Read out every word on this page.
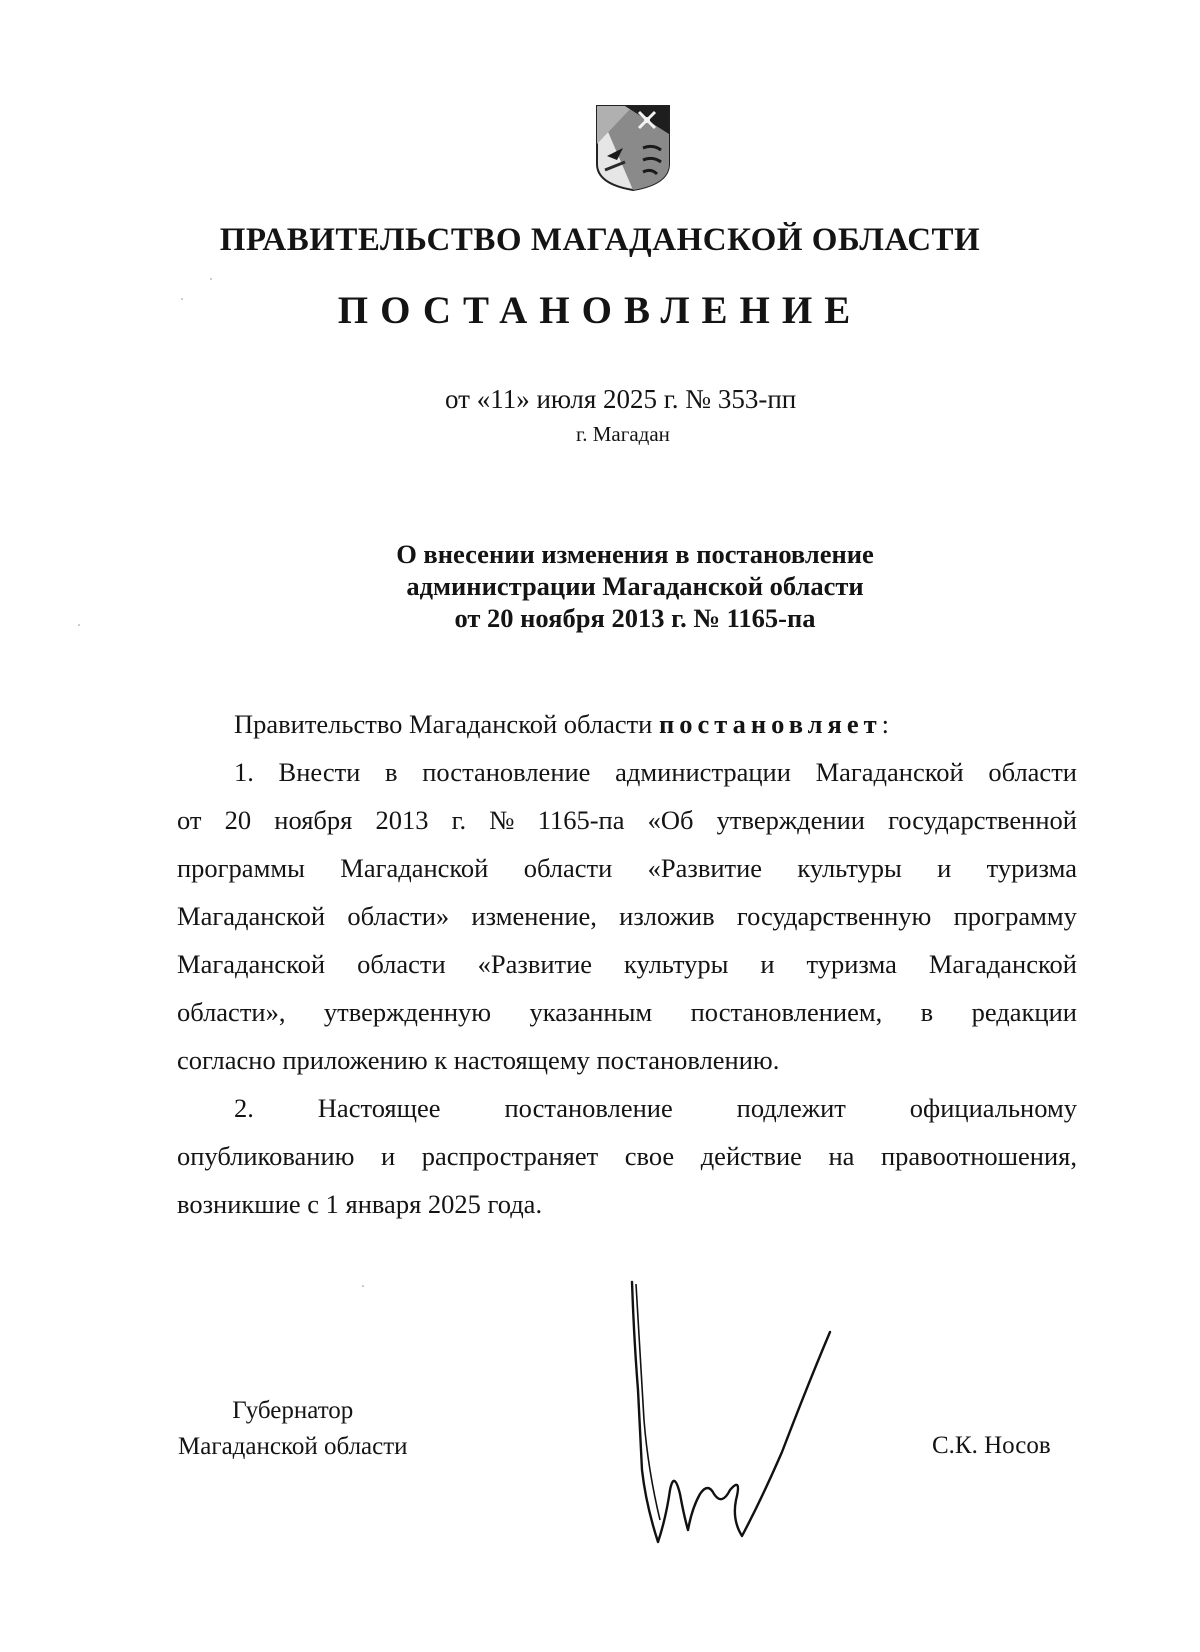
ПРАВИТЕЛЬСТВО МАГАДАНСКОЙ ОБЛАСТИ
ПОСТАНОВЛЕНИЕ
от «11» июля 2025 г. № 353-пп
г. Магадан
О внесении изменения в постановление
администрации Магаданской области
от 20 ноября 2013 г. № 1165-па
Правительство Магаданской области постановляет:
1. Внести в постановление администрации Магаданской области
от 20 ноября 2013 г. № 1165-па «Об утверждении государственной
программы Магаданской области «Развитие культуры и туризма
Магаданской области» изменение, изложив государственную программу
Магаданской области «Развитие культуры и туризма Магаданской
области», утвержденную указанным постановлением, в редакции
согласно приложению к настоящему постановлению.
2. Настоящее постановление подлежит официальному
опубликованию и распространяет свое действие на правоотношения,
возникшие с 1 января 2025 года.
Губернатор
Магаданской области	С.К. Носов
